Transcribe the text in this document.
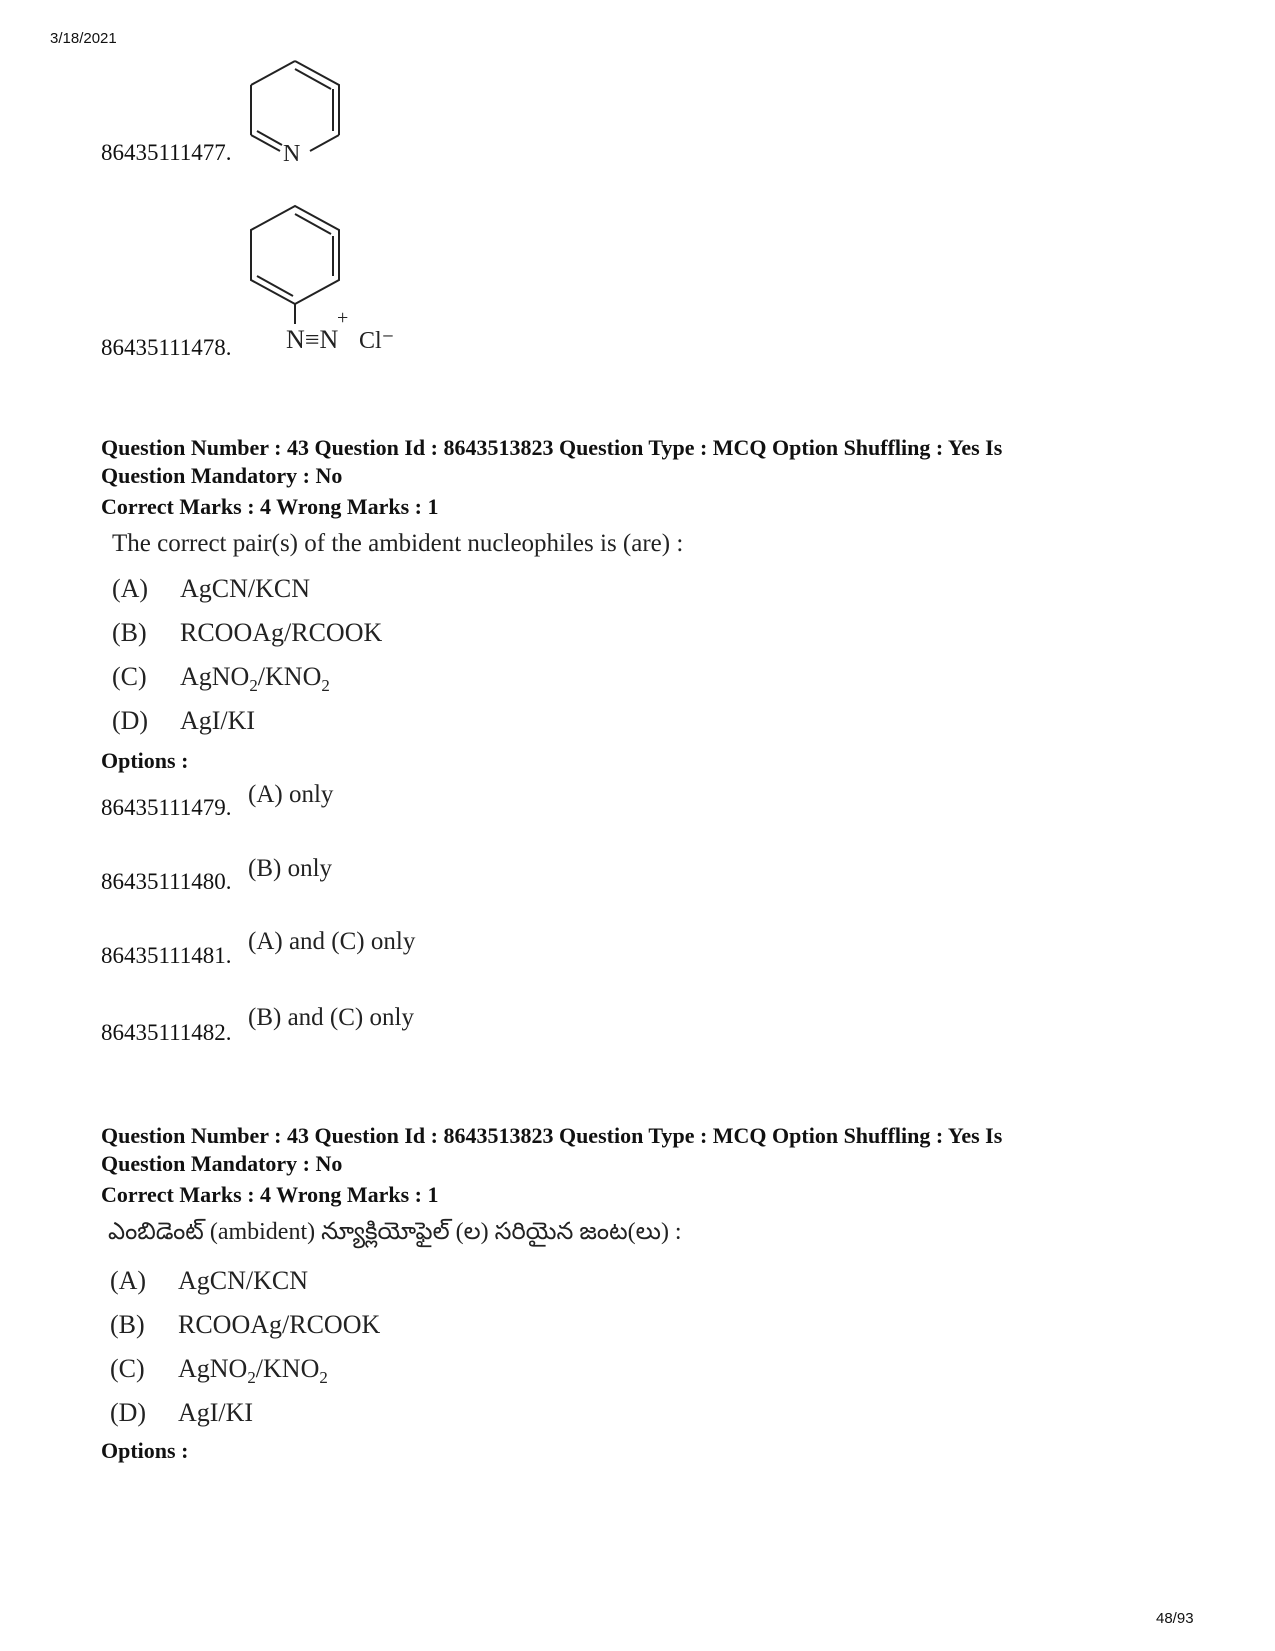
3/18/2021
48/93
86435111477. N
86435111478. N≡N
+
Cl⁻
Question Number : 43 Question Id : 8643513823 Question Type : MCQ Option Shuffling : Yes Is
Question Mandatory : No
Correct Marks : 4 Wrong Marks : 1
The correct pair(s) of the ambident nucleophiles is (are) :
(A) AgCN/KCN
(B) RCOOAg/RCOOK
(C) $AgNO_2/KNO_2$
(D) AgI/KI
Options :
86435111479. (A) only
86435111480. (B) only
86435111481.
(A) and (C) only
86435111482.
(B) and (C) only
Question Number : 43 Question Id : 8643513823 Question Type : MCQ Option Shuffling : Yes Is
Question Mandatory : No
Correct Marks : 4 Wrong Marks : 1
ఎంబిడెంట్ (ambident) న్యూక్లియోఫైల్ (ల) సరియైన జంట(లు) :
(A) AgCN/KCN
(B) RCOOAg/RCOOK
(C) $AgNO_2/KNO_2$
(D) AgI/KI
Options :
